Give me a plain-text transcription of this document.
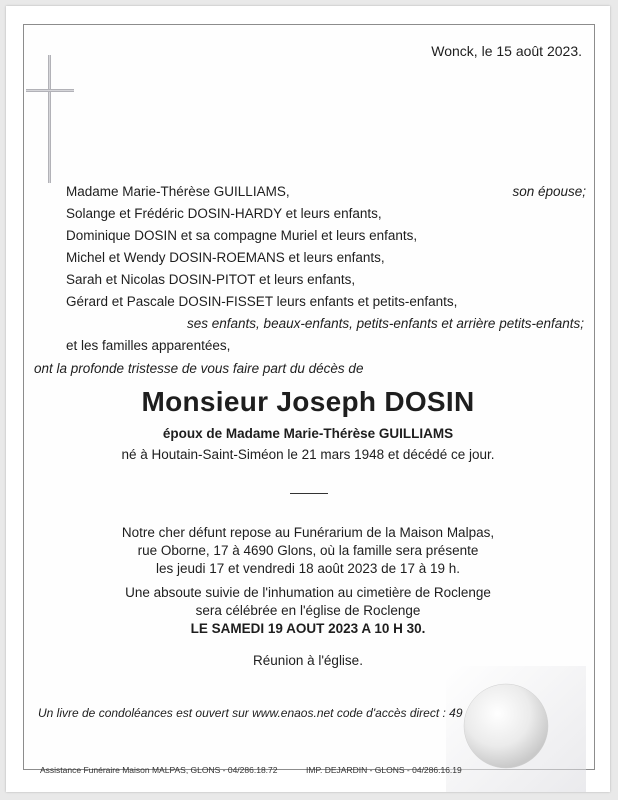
Wonck, le 15 août 2023.
Madame Marie-Thérèse GUILLIAMS,	son épouse;
Solange et Frédéric DOSIN-HARDY et leurs enfants,
Dominique DOSIN et sa compagne Muriel et leurs enfants,
Michel et Wendy DOSIN-ROEMANS et leurs enfants,
Sarah et Nicolas DOSIN-PITOT et leurs enfants,
Gérard et Pascale DOSIN-FISSET leurs enfants et petits-enfants,
ses enfants, beaux-enfants, petits-enfants et arrière petits-enfants;
et les familles apparentées,
ont la profonde tristesse de vous faire part du décès de
Monsieur Joseph DOSIN
époux de Madame Marie-Thérèse GUILLIAMS
né à Houtain-Saint-Siméon le 21 mars 1948 et décédé ce jour.
Notre cher défunt repose au Funérarium de la Maison Malpas,
rue Oborne, 17 à 4690 Glons, où la famille sera présente
les jeudi 17 et vendredi 18 août 2023 de 17 à 19 h.
Une absoute suivie de l'inhumation au cimetière de Roclenge
sera célébrée en l'église de Roclenge
LE SAMEDI 19 AOUT 2023 A 10 H 30.
Réunion à l'église.
Un livre de condoléances est ouvert sur www.enaos.net code d'accès direct : 49
Assistance Funéraire Maison MALPAS, GLONS - 04/286.18.72	IMP. DEJARDIN - GLONS - 04/286.16.19
